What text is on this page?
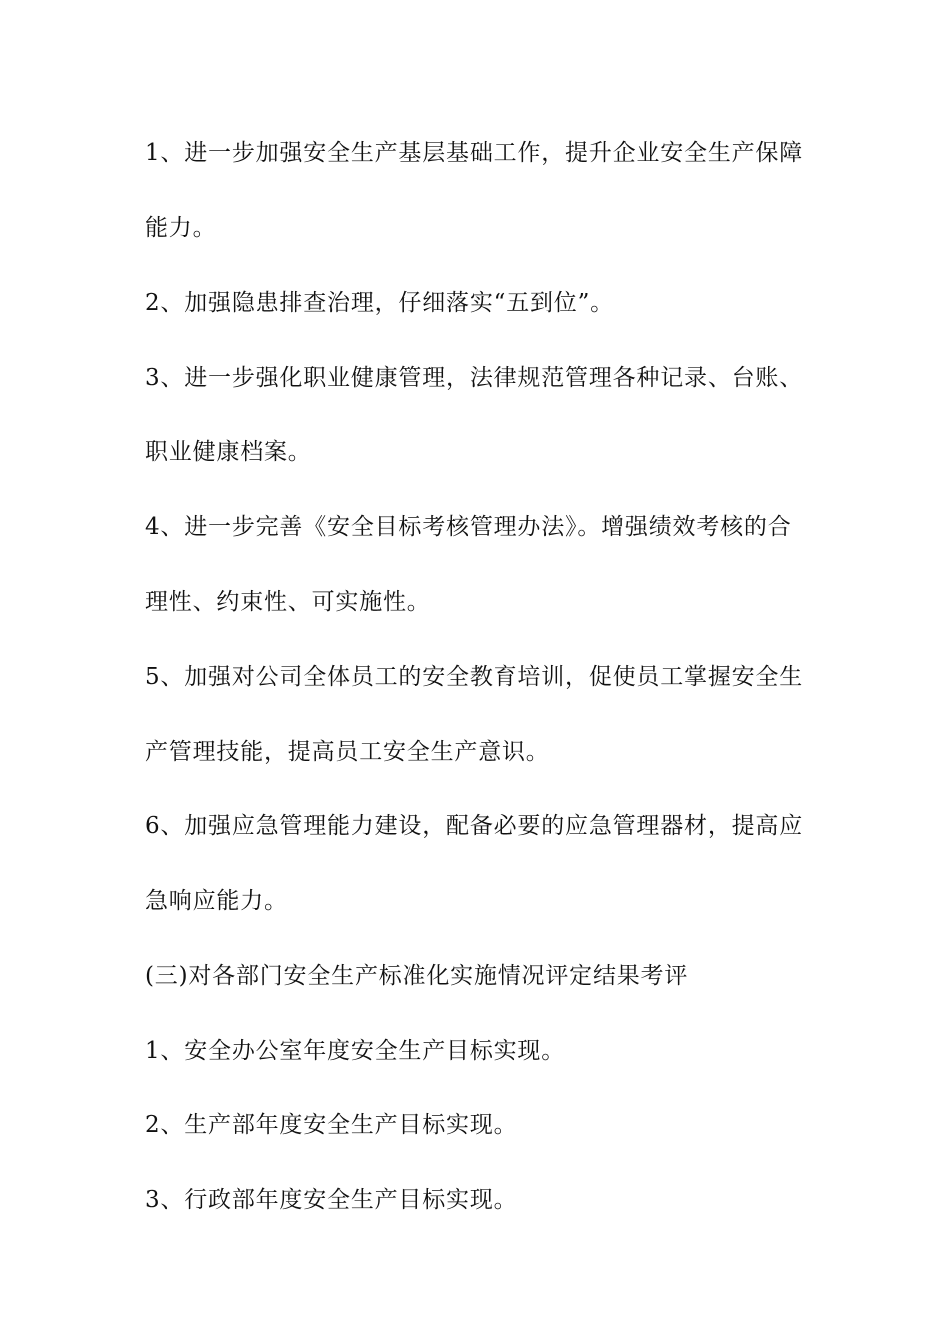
1、进一步加强安全生产基层基础工作，提升企业安全生产保障
能力。
2、加强隐患排查治理，仔细落实“五到位”。
3、进一步强化职业健康管理，法律规范管理各种记录、台账、
职业健康档案。
4、进一步完善《安全目标考核管理办法》。增强绩效考核的合
理性、约束性、可实施性。
5、加强对公司全体员工的安全教育培训，促使员工掌握安全生
产管理技能，提高员工安全生产意识。
6、加强应急管理能力建设，配备必要的应急管理器材，提高应
急响应能力。
(三)对各部门安全生产标准化实施情况评定结果考评
1、安全办公室年度安全生产目标实现。
2、生产部年度安全生产目标实现。
3、行政部年度安全生产目标实现。
